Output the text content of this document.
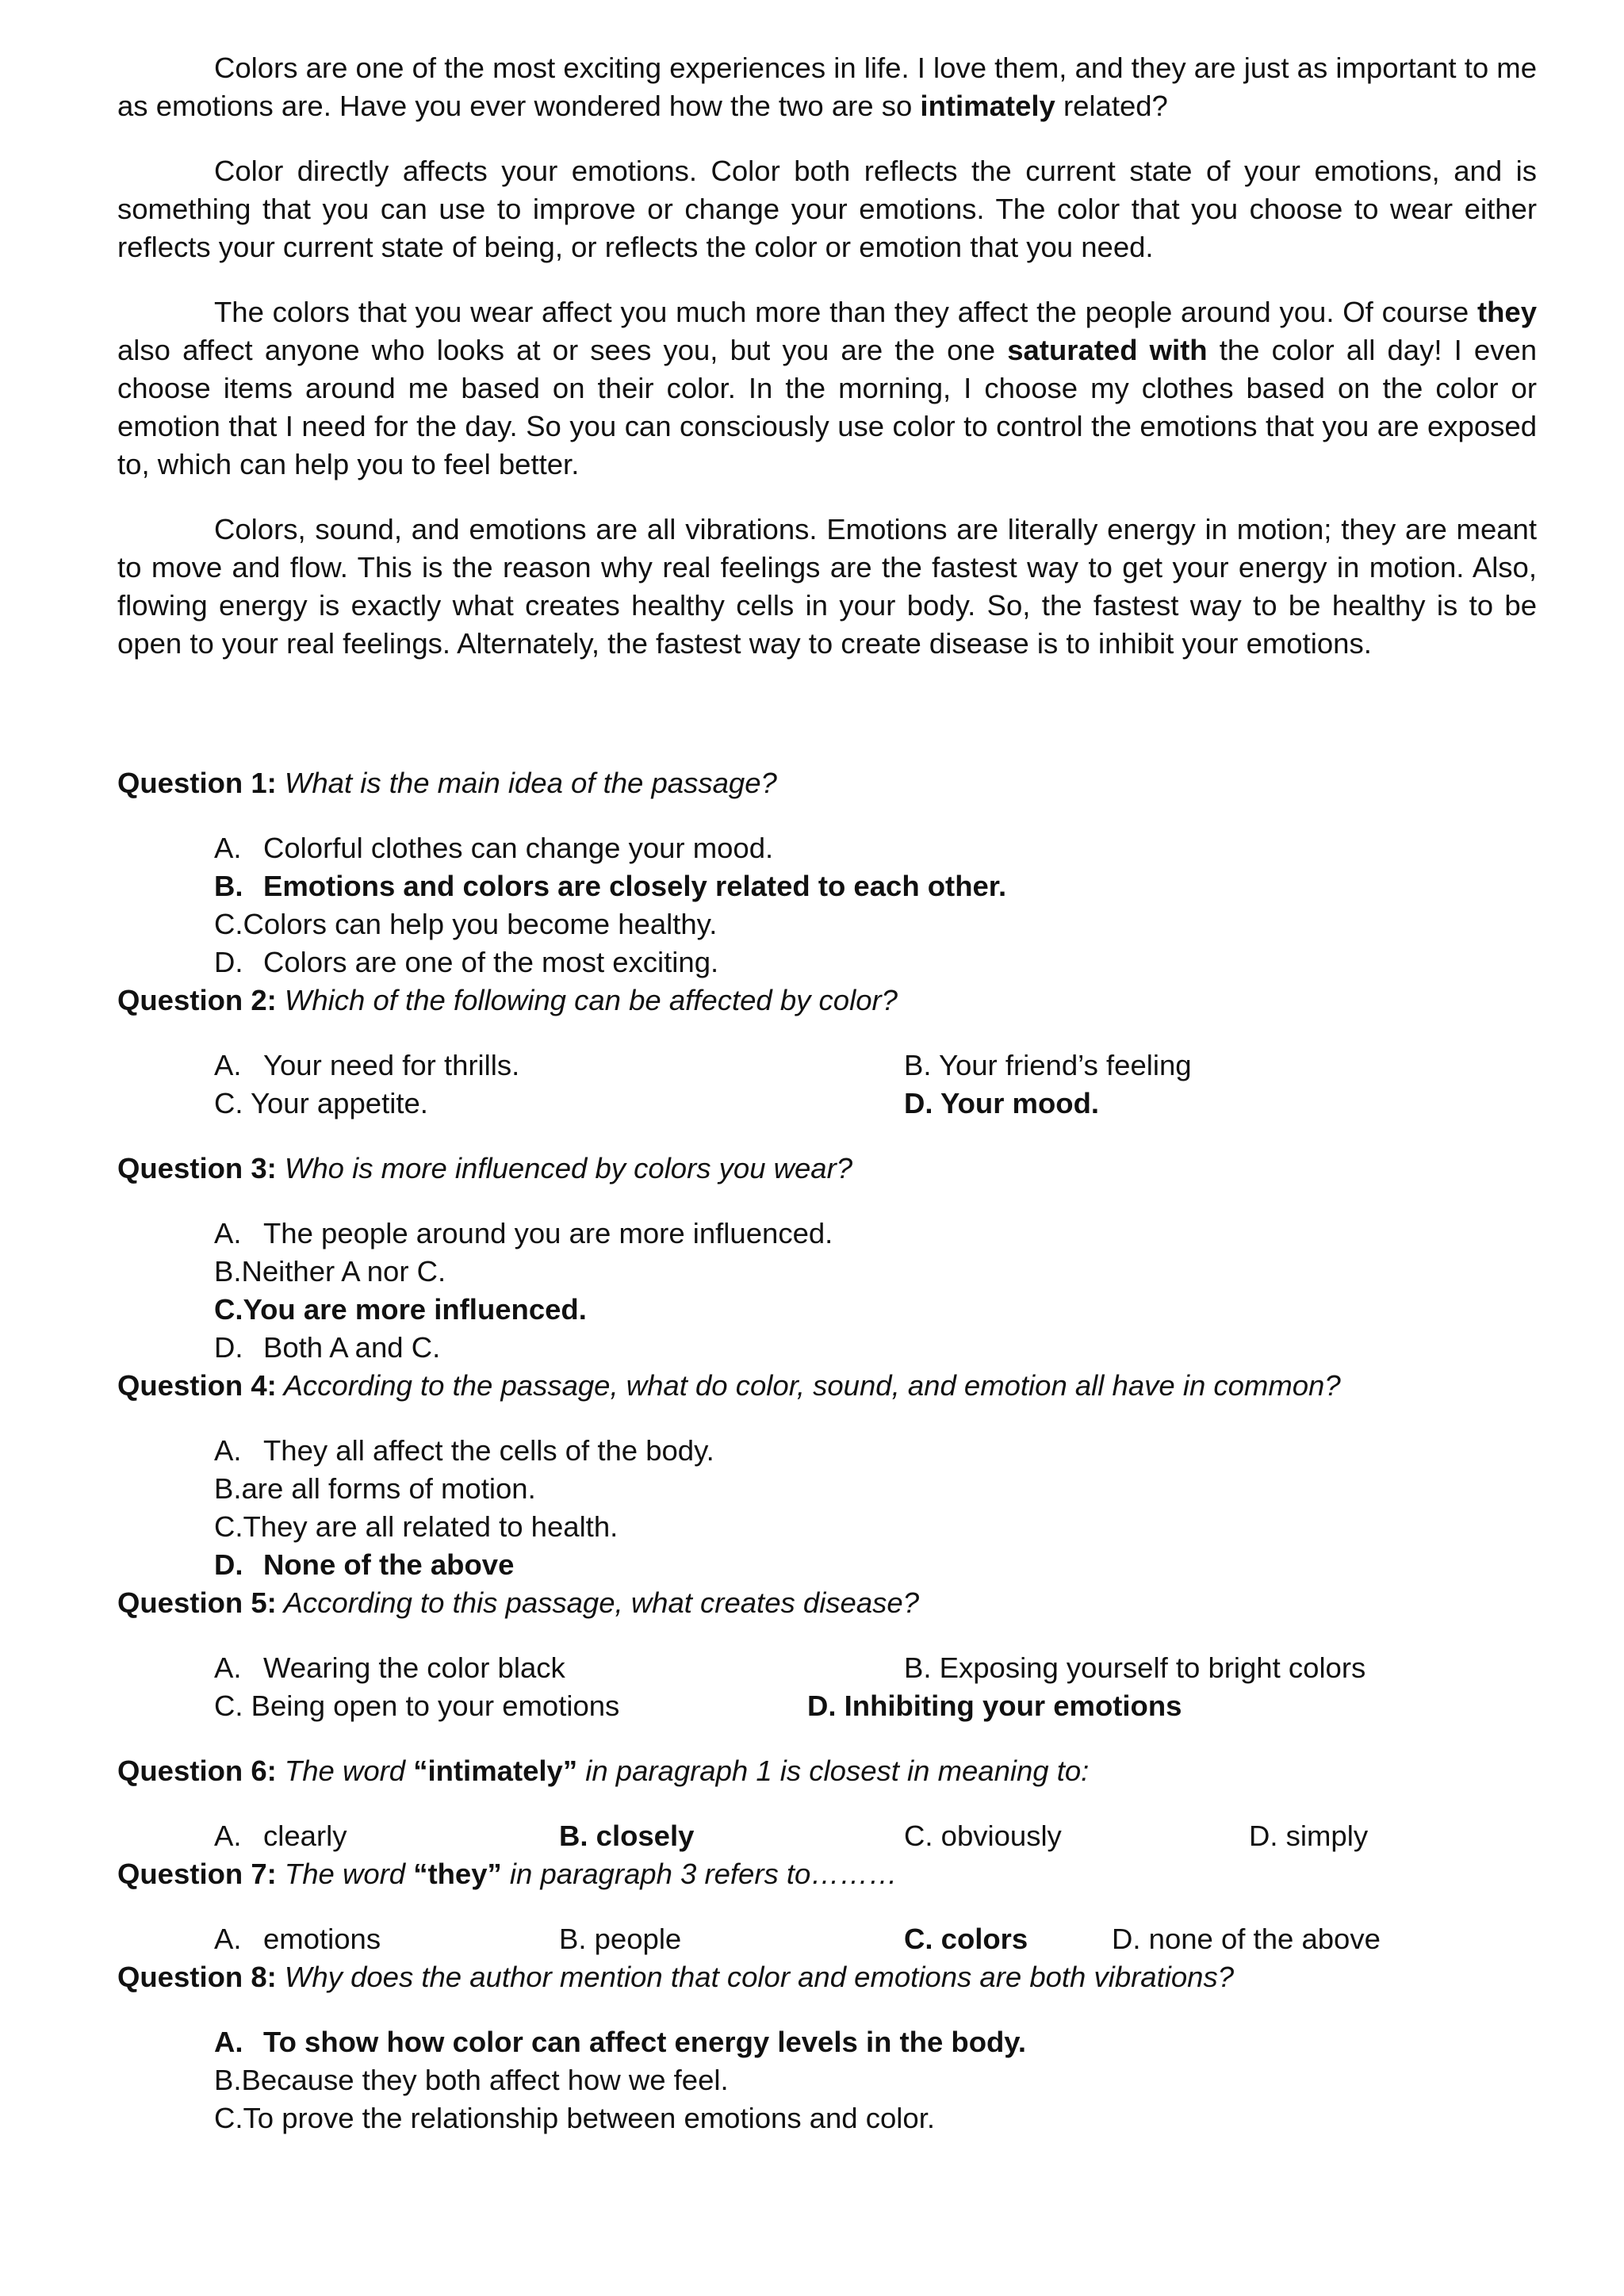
Colors are one of the most exciting experiences in life. I love them, and they are just as important to me as emotions are. Have you ever wondered how the two are so intimately related?

Color directly affects your emotions. Color both reflects the current state of your emotions, and is something that you can use to improve or change your emotions. The color that you choose to wear either reflects your current state of being, or reflects the color or emotion that you need.

The colors that you wear affect you much more than they affect the people around you. Of course they also affect anyone who looks at or sees you, but you are the one saturated with the color all day! I even choose items around me based on their color. In the morning, I choose my clothes based on the color or emotion that I need for the day. So you can consciously use color to control the emotions that you are exposed to, which can help you to feel better.

Colors, sound, and emotions are all vibrations. Emotions are literally energy in motion; they are meant to move and flow. This is the reason why real feelings are the fastest way to get your energy in motion. Also, flowing energy is exactly what creates healthy cells in your body. So, the fastest way to be healthy is to be open to your real feelings. Alternately, the fastest way to create disease is to inhibit your emotions.

Question 1: What is the main idea of the passage?
A. Colorful clothes can change your mood.
B. Emotions and colors are closely related to each other.
C.Colors can help you become healthy.
D. Colors are one of the most exciting.
Question 2: Which of the following can be affected by color?
A. Your need for thrills.	B. Your friend’s feeling
C. Your appetite.	D. Your mood.
Question 3: Who is more influenced by colors you wear?
A. The people around you are more influenced.
B.Neither A nor C.
C.You are more influenced.
D. Both A and C.
Question 4: According to the passage, what do color, sound, and emotion all have in common?
A. They all affect the cells of the body.
B.are all forms of motion.
C.They are all related to health.
D. None of the above
Question 5: According to this passage, what creates disease?
A. Wearing the color black	B. Exposing yourself to bright colors
C. Being open to your emotions	D. Inhibiting your emotions
Question 6: The word “intimately” in paragraph 1 is closest in meaning to:
A. clearly	B. closely	C. obviously	D. simply
Question 7: The word “they” in paragraph 3 refers to………
A. emotions	B. people	C. colors	D. none of the above
Question 8: Why does the author mention that color and emotions are both vibrations?
A. To show how color can affect energy levels in the body.
B.Because they both affect how we feel.
C.To prove the relationship between emotions and color.
